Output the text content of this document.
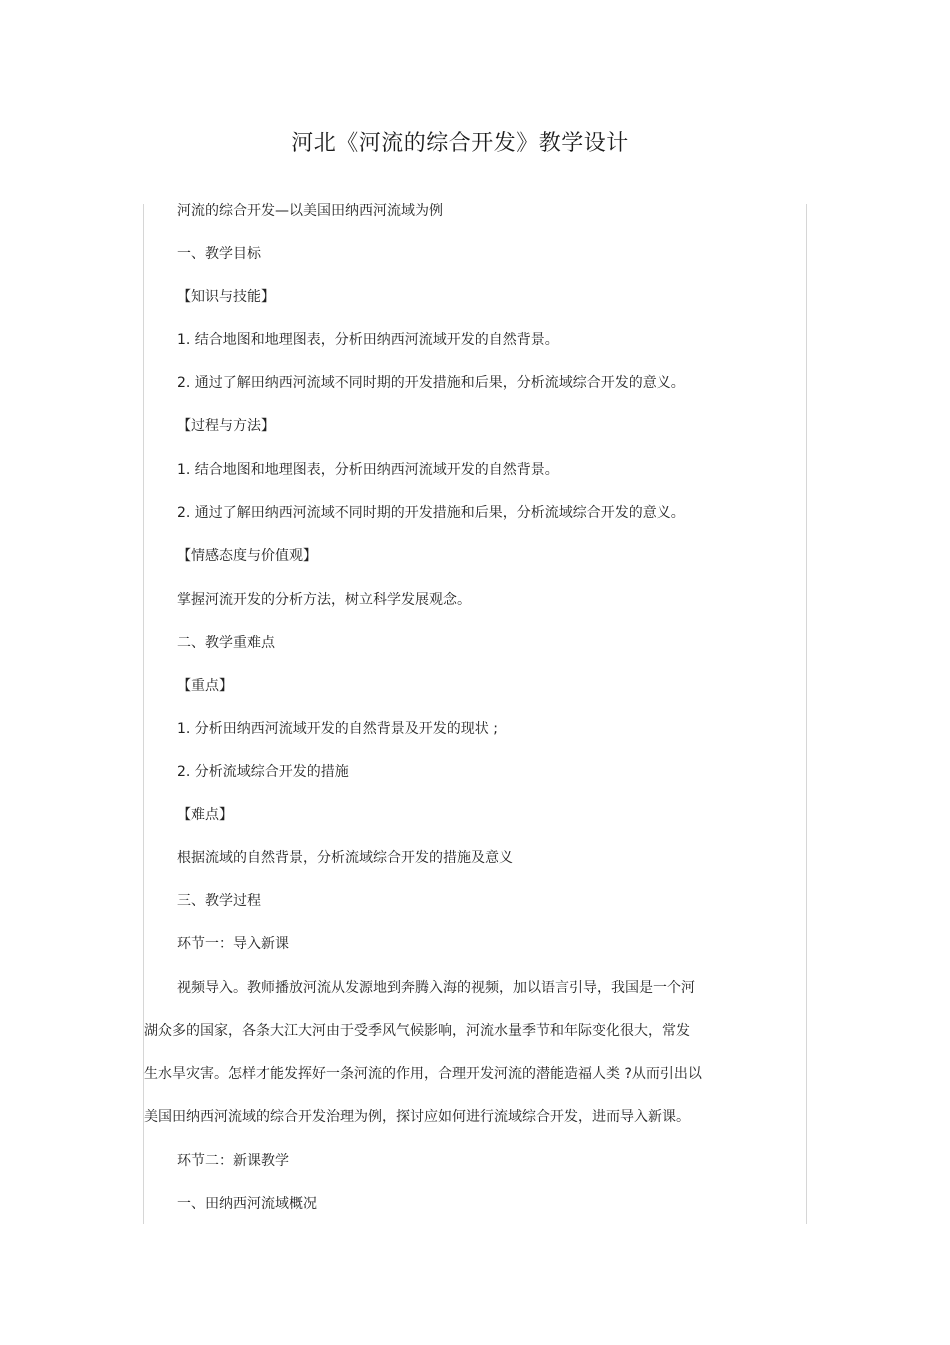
河北《河流的综合开发》教学设计
河流的综合开发—以美国田纳西河流域为例
一、教学目标
【知识与技能】
1. 结合地图和地理图表，分析田纳西河流域开发的自然背景。
2. 通过了解田纳西河流域不同时期的开发措施和后果，分析流域综合开发的意义。
【过程与方法】
1. 结合地图和地理图表，分析田纳西河流域开发的自然背景。
2. 通过了解田纳西河流域不同时期的开发措施和后果，分析流域综合开发的意义。
【情感态度与价值观】
掌握河流开发的分析方法，树立科学发展观念。
二、教学重难点
【重点】
1. 分析田纳西河流域开发的自然背景及开发的现状 ;
2. 分析流域综合开发的措施
【难点】
根据流域的自然背景，分析流域综合开发的措施及意义
三、教学过程
环节一：导入新课
视频导入。教师播放河流从发源地到奔腾入海的视频，加以语言引导，我国是一个河
湖众多的国家，各条大江大河由于受季风气候影响，河流水量季节和年际变化很大，常发
生水旱灾害。怎样才能发挥好一条河流的作用，合理开发河流的潜能造福人类 ?从而引出以
美国田纳西河流域的综合开发治理为例，探讨应如何进行流域综合开发，进而导入新课。
环节二：新课教学
一、田纳西河流域概况
